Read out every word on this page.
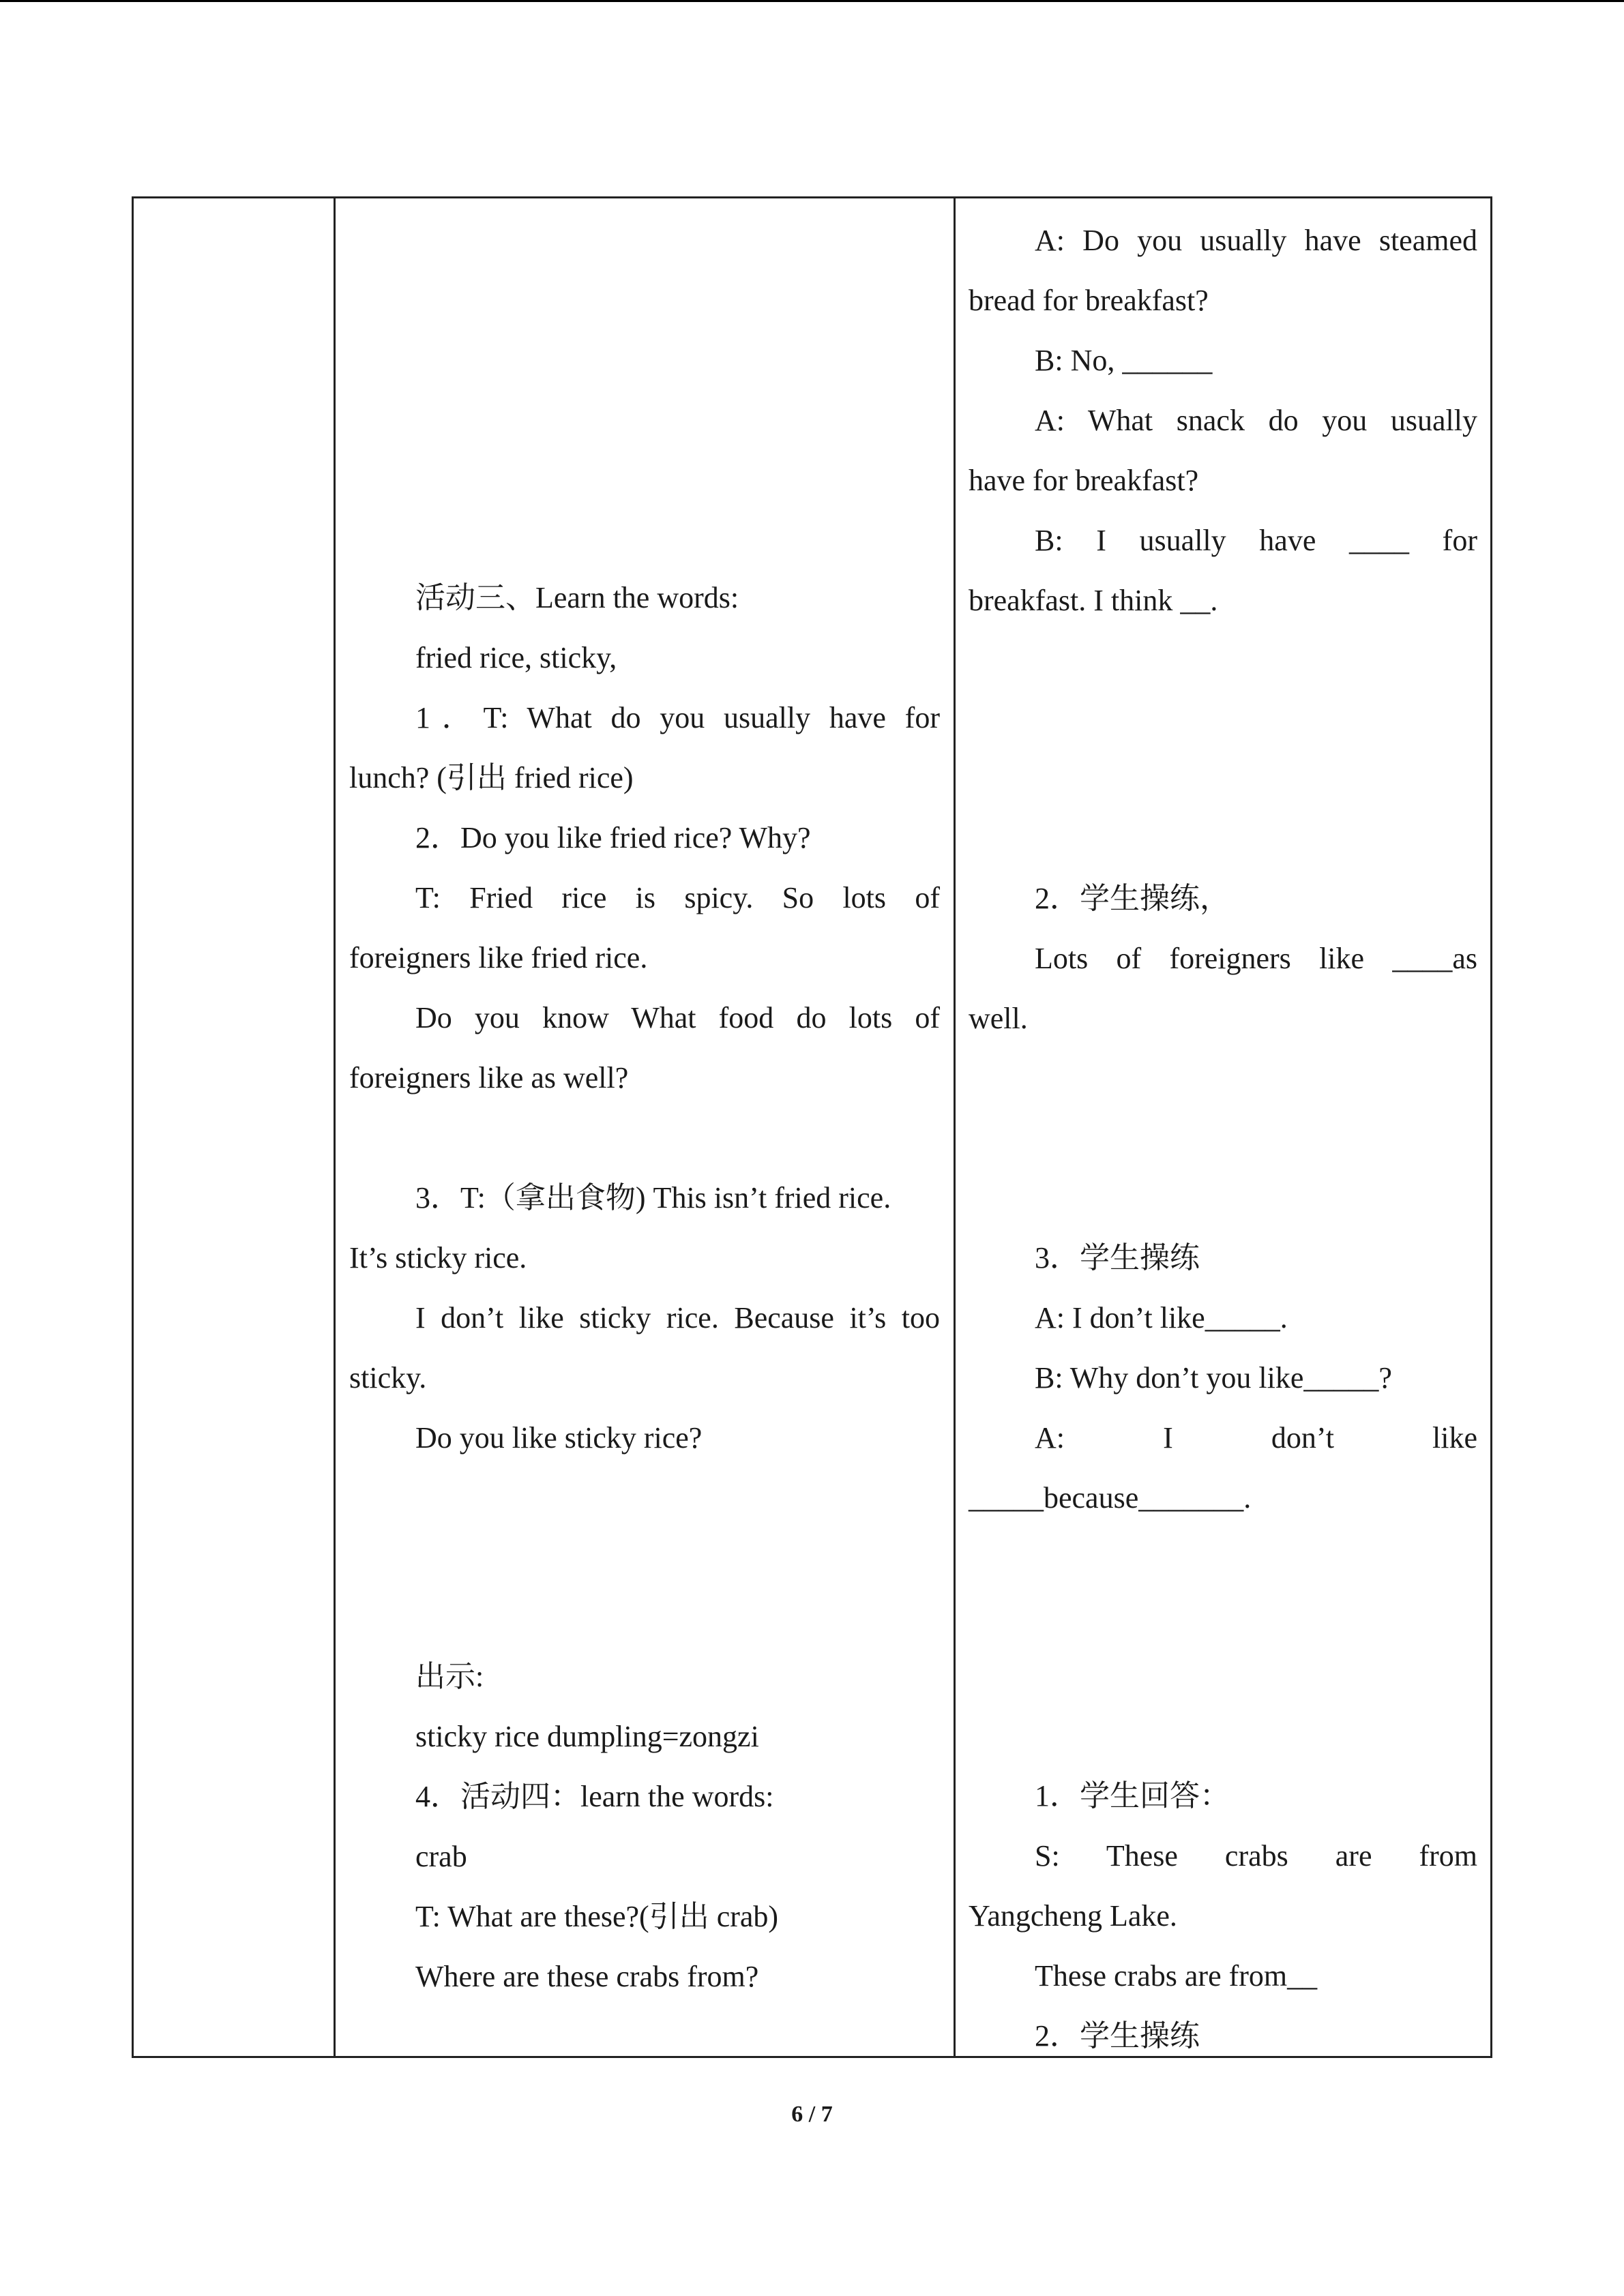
活动三、Learn the words:

fried rice, sticky,

1．T: What do you usually have for

lunch? (引出 fried rice)

2．Do you like fried rice? Why?

T: Fried rice is spicy. So lots of

foreigners like fried rice.

Do you know What food do lots of

foreigners like as well?

3．T:（拿出食物) This isn’t fried rice.

It’s sticky rice.

I don’t like sticky rice. Because it’s too

sticky.

Do you like sticky rice?

出示:

sticky rice dumpling=zongzi

4．活动四：learn the words:

crab

T: What are these?(引出 crab)

Where are these crabs from?

A: Do you usually have steamed

bread for breakfast?

B: No, ______

A: What snack do you usually

have for breakfast?

B: I usually have ____ for

breakfast. I think __.

2．学生操练，

Lots of foreigners like ____as

well.

3．学生操练

A: I don’t like_____.

B: Why don’t you like_____?

A: I don’t like

_____because_______.

1．学生回答：

S: These crabs are from

Yangcheng Lake.

These crabs are from__

2．学生操练

6 / 7
